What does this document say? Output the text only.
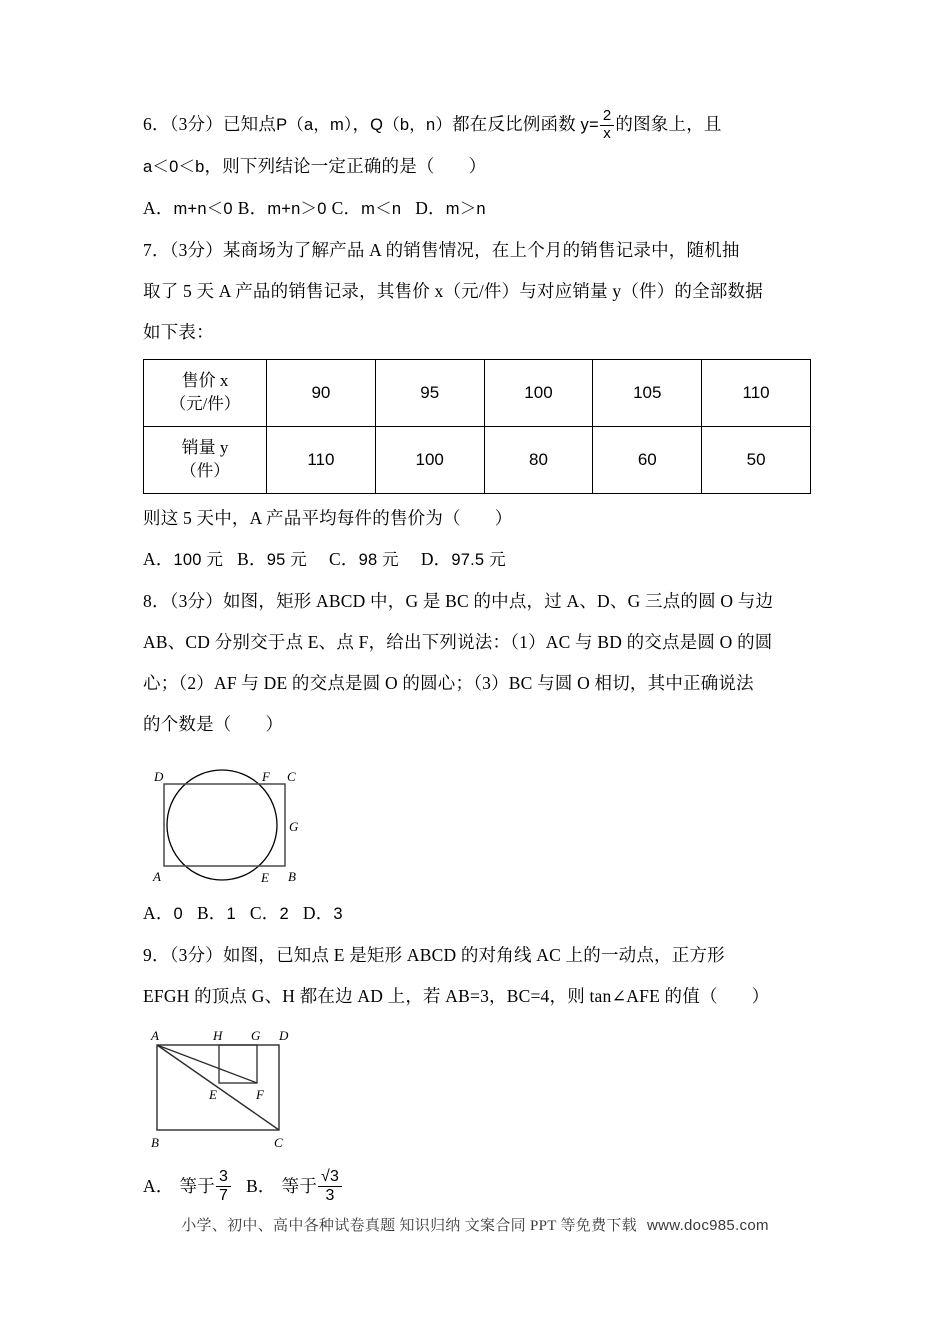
6．（3分）已知点P（a，m），Q（b，n）都在反比例函数 $y= \frac{2}{x}$ 的图象上，且
a＜0＜b，则下列结论一定正确的是（ ）
A．m+n＜0 B．m+n＞0 C．m＜n D．m＞n
7．（3分）某商场为了解产品 A 的销售情况，在上个月的销售记录中，随机抽
取了 5 天 A 产品的销售记录，其售价 x（元/件）与对应销量 y（件）的全部数据
如下表：
售价 x
（元/件）	90	95	100	105	110
销量 y
（件）	110	100	80	60	50
则这 5 天中，A 产品平均每件的售价为（ ）
A．100 元 B．95 元 C．98 元 D．97.5 元
8．（3分）如图，矩形 ABCD 中，G 是 BC 的中点，过 A、D、G 三点的圆 O 与边
AB、CD 分别交于点 E、点 F，给出下列说法：（1）AC 与 BD 的交点是圆 O 的圆
心；（2）AF 与 DE 的交点是圆 O 的圆心；（3）BC 与圆 O 相切，其中正确说法
的个数是（ ）
D	F C
G
A	E B
A．0 B．1 C．2 D．3
9．（3分）如图，已知点 E 是矩形 ABCD 的对角线 AC 上的一动点，正方形
EFGH 的顶点 G、H 都在边 AD 上，若 AB=3，BC=4，则 tan∠AFE 的值（ ）
A	H G D
E	F
B	C
A． 等于 $\frac{3}{7}$ B． 等于 $\frac{√3}{3}$
小学、初中、高中各种试卷真题 知识归纳 文案合同 PPT 等免费下载 www.doc985.com
